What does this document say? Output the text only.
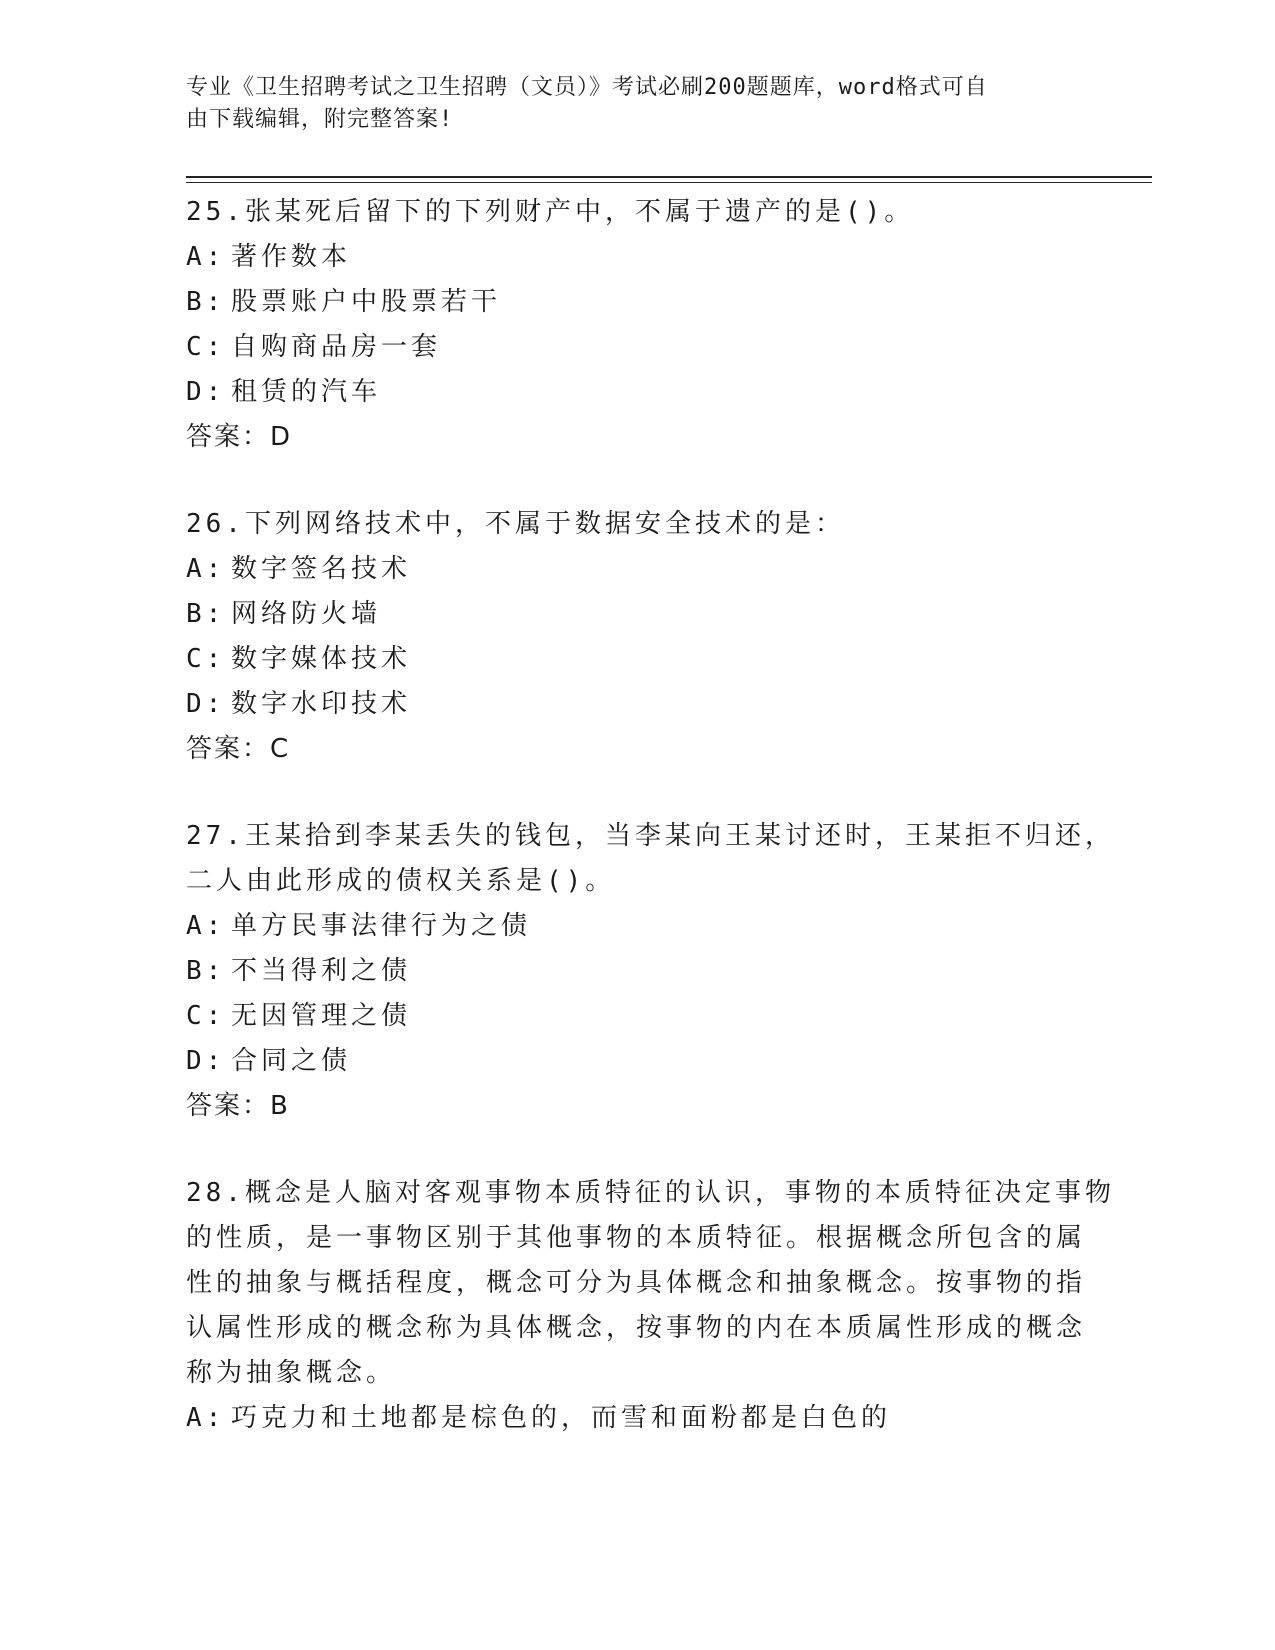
专业《卫生招聘考试之卫生招聘（文员）》考试必刷200题题库，word格式可自
由下载编辑，附完整答案!
25.张某死后留下的下列财产中，不属于遗产的是()。
A: 著作数本
B: 股票账户中股票若干
C: 自购商品房一套
D: 租赁的汽车
答案：D
26.下列网络技术中，不属于数据安全技术的是：
A: 数字签名技术
B: 网络防火墙
C: 数字媒体技术
D: 数字水印技术
答案：C
27.王某拾到李某丢失的钱包，当李某向王某讨还时，王某拒不归还，
二人由此形成的债权关系是()。
A: 单方民事法律行为之债
B: 不当得利之债
C: 无因管理之债
D: 合同之债
答案：B
28.概念是人脑对客观事物本质特征的认识，事物的本质特征决定事物
的性质，是一事物区别于其他事物的本质特征。根据概念所包含的属
性的抽象与概括程度，概念可分为具体概念和抽象概念。按事物的指
认属性形成的概念称为具体概念，按事物的内在本质属性形成的概念
称为抽象概念。
A: 巧克力和土地都是棕色的，而雪和面粉都是白色的
